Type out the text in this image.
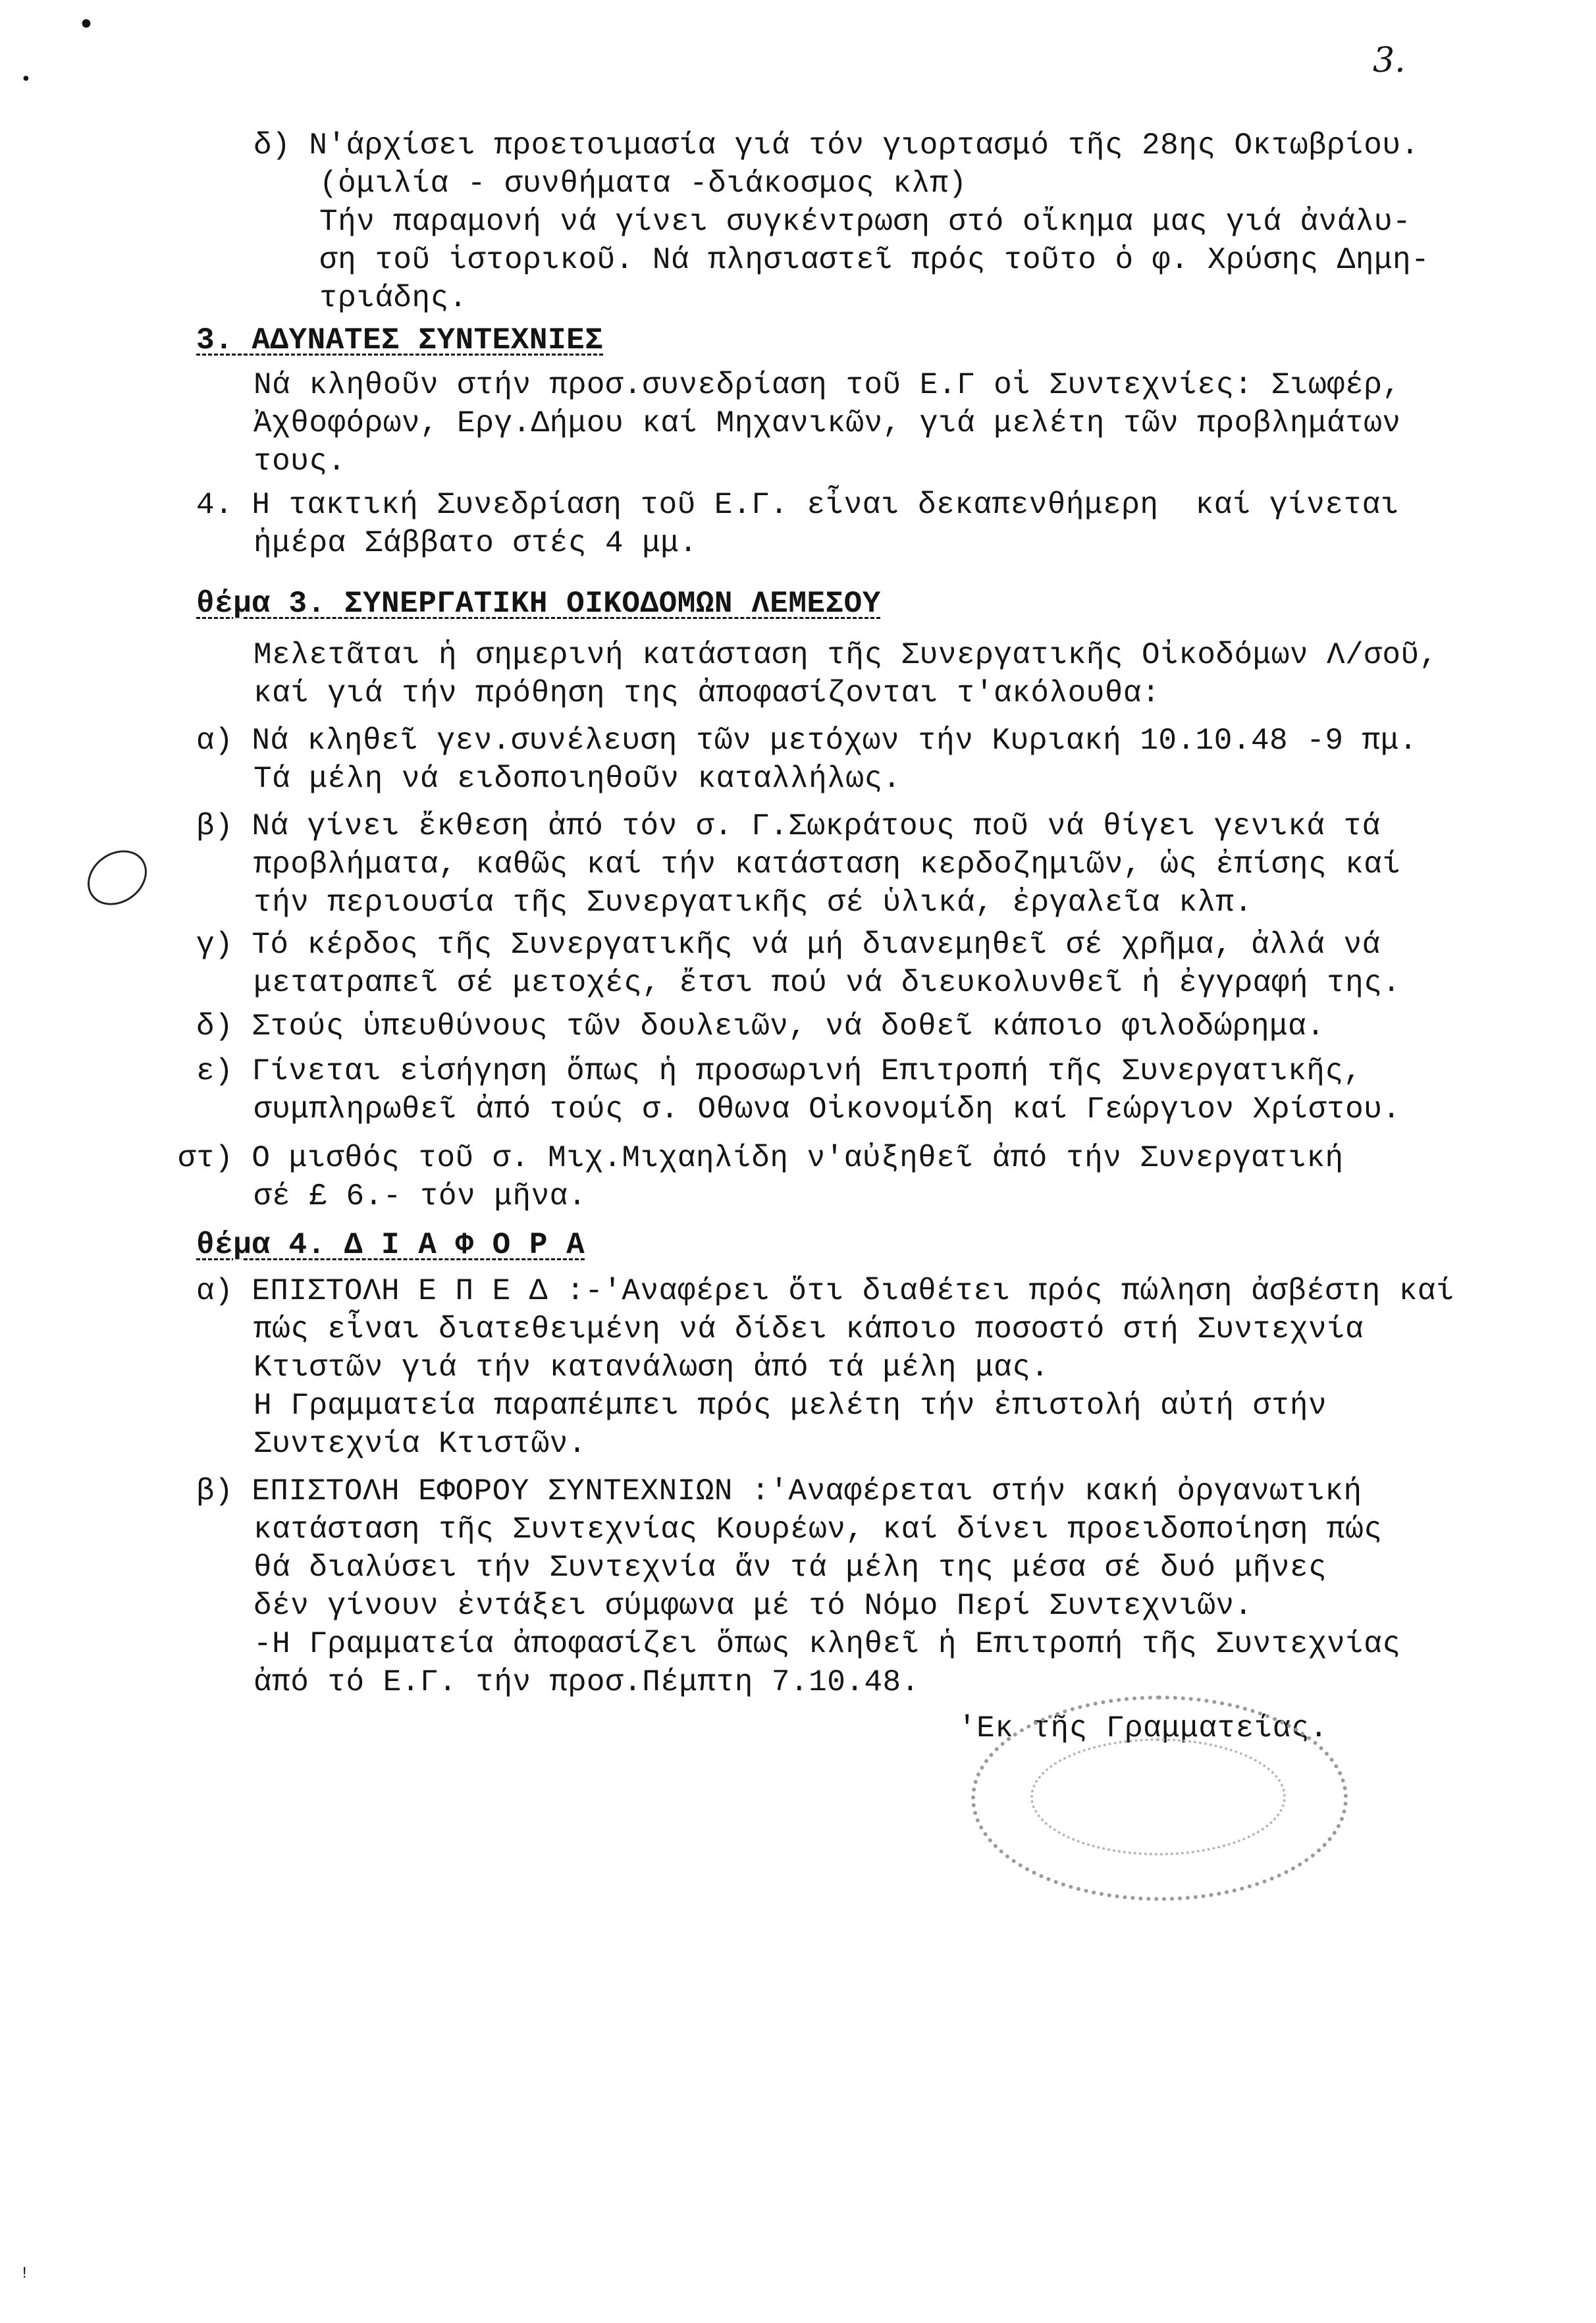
●
●
!
3.
δ) Ν'άρχίσει προετοιμασία γιά τόν γιορτασμό τῆς 28ης Οκτωβρίου.
(ὁμιλία - συνθήματα -διάκοσμος κλπ)
Τήν παραμονή νά γίνει συγκέντρωση στό οἴκημα μας γιά ἀνάλυ-
ση τοῦ ἱστορικοῦ. Νά πλησιαστεῖ πρός τοῦτο ὁ φ. Χρύσης Δημη-
τριάδης.
3. ΑΔΥΝΑΤΕΣ ΣΥΝΤΕΧΝΙΕΣ
Νά κληθοῦν στήν προσ.συνεδρίαση τοῦ Ε.Γ οἱ Συντεχνίες: Σιωφέρ,
Ἀχθοφόρων, Εργ.Δήμου καί Μηχανικῶν, γιά μελέτη τῶν προβλημάτων
τους.
4. Η τακτική Συνεδρίαση τοῦ Ε.Γ. εἶναι δεκαπενθήμερη  καί γίνεται
ἡμέρα Σάββατο στές 4 μμ.
θέμα 3. ΣΥΝΕΡΓΑΤΙΚΗ ΟΙΚΟΔΟΜΩΝ ΛΕΜΕΣΟΥ
Μελετᾶται ἡ σημερινή κατάσταση τῆς Συνεργατικῆς Οἰκοδόμων Λ/σοῦ,
καί γιά τήν πρόθηση της ἀποφασίζονται τ'ακόλουθα:
α) Νά κληθεῖ γεν.συνέλευση τῶν μετόχων τήν Κυριακή 10.10.48 -9 πμ.
Τά μέλη νά ειδοποιηθοῦν καταλλήλως.
β) Νά γίνει ἔκθεση ἀπό τόν σ. Γ.Σωκράτους ποῦ νά θίγει γενικά τά
προβλήματα, καθῶς καί τήν κατάσταση κερδοζημιῶν, ὡς ἐπίσης καί
τήν περιουσία τῆς Συνεργατικῆς σέ ὑλικά, ἐργαλεῖα κλπ.
γ) Τό κέρδος τῆς Συνεργατικῆς νά μή διανεμηθεῖ σέ χρῆμα, ἀλλά νά
μετατραπεῖ σέ μετοχές, ἔτσι πού νά διευκολυνθεῖ ἡ ἐγγραφή της.
δ) Στούς ὑπευθύνους τῶν δουλειῶν, νά δοθεῖ κάποιο φιλοδώρημα.
ε) Γίνεται εἰσήγηση ὅπως ἡ προσωρινή Επιτροπή τῆς Συνεργατικῆς,
συμπληρωθεῖ ἀπό τούς σ. Οθωνα Οἰκονομίδη καί Γεώργιον Χρίστου.
στ) Ο μισθός τοῦ σ. Μιχ.Μιχαηλίδη ν'αὐξηθεῖ ἀπό τήν Συνεργατική
σέ £ 6.- τόν μῆνα.
θέμα 4. Δ Ι Α Φ Ο Ρ Α
α) ΕΠΙΣΤΟΛΗ Ε Π Ε Δ :-'Αναφέρει ὅτι διαθέτει πρός πώληση ἀσβέστη καί
πώς εἶναι διατεθειμένη νά δίδει κάποιο ποσοστό στή Συντεχνία
Κτιστῶν γιά τήν κατανάλωση ἀπό τά μέλη μας.
Η Γραμματεία παραπέμπει πρός μελέτη τήν ἐπιστολή αὐτή στήν
Συντεχνία Κτιστῶν.
β) ΕΠΙΣΤΟΛΗ ΕΦΟΡΟΥ ΣΥΝΤΕΧΝΙΩΝ :'Αναφέρεται στήν κακή ὀργανωτική
κατάσταση τῆς Συντεχνίας Κουρέων, καί δίνει προειδοποίηση πώς
θά διαλύσει τήν Συντεχνία ἄν τά μέλη της μέσα σέ δυό μῆνες
δέν γίνουν ἐντάξει σύμφωνα μέ τό Νόμο Περί Συντεχνιῶν.
-Η Γραμματεία ἀποφασίζει ὅπως κληθεῖ ἡ Επιτροπή τῆς Συντεχνίας
ἀπό τό Ε.Γ. τήν προσ.Πέμπτη 7.10.48.
'Εκ τῆς Γραμματείας.
